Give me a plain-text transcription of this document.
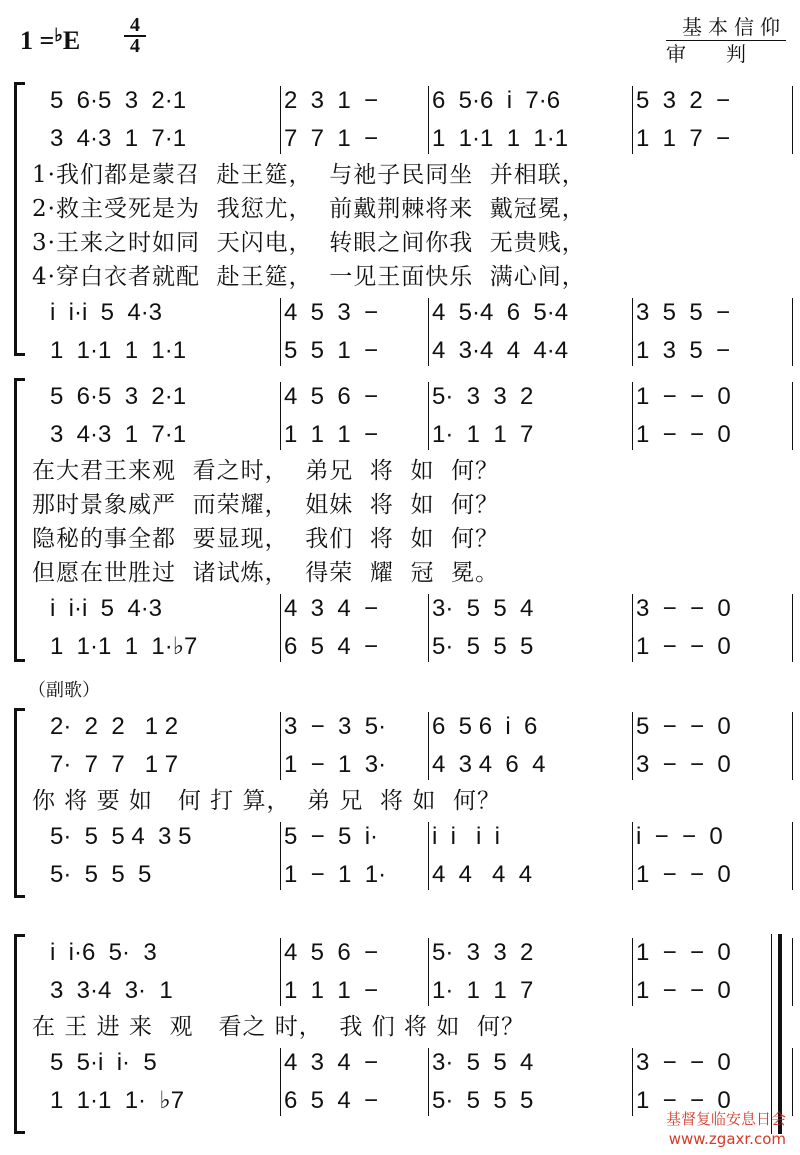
1 =♭E
4
4
基本信仰
审判
5  6·5  3  2·1	2  3  1  − 6  5·6  i  7·6	5  3  2  −
3  4·3  1  7·1	7  7  1  − 1  1·1  1  1·1	1  1  7  −
1·我们都是蒙召  赴王筵，  与祂子民同坐  并相联，
2·救主受死是为  我愆尤，  前戴荆棘将来  戴冠冕，
3·王来之时如同  天闪电，  转眼之间你我  无贵贱，
4·穿白衣者就配  赴王筵，  一见王面快乐  满心间，
i  i·i  5  4·3	4  5  3  − 4  5·4  6  5·4	3  5  5  −
1  1·1  1  1·1	5  5  1  − 4  3·4  4  4·4	1  3  5  −
5  6·5  3  2·1	4  5  6  − 5·  3  3  2	1  −  −  0
3  4·3  1  7·1	1  1  1  − 1·  1  1  7	1  −  −  0
在大君王来观  看之时，  弟兄  将  如  何？
那时景象威严  而荣耀，  姐妹  将  如  何？
隐秘的事全都  要显现，  我们  将  如  何？
但愿在世胜过  诸试炼，  得荣  耀  冠  冕。
i  i·i  5  4·3	4  3  4  − 3·  5  5  4	3  −  −  0
1  1·1  1  1·♭7	6  5  4  − 5·  5  5  5	1  −  −  0
（副歌）
2·  2  2   1 2	3  −  3  5· 6  5 6  i  6	5  −  −  0
7·  7  7   1 7	1  −  1  3· 4  3 4  6  4	3  −  −  0
你 将 要 如   何 打 算，  弟 兄  将 如  何？
5·  5  5 4  3 5	5  −  5  i· i  i   i  i	i  −  −  0
5·  5  5  5	1  −  1  1· 4  4   4  4	1  −  −  0
i  i·6  5·  3	4  5  6  − 5·  3  3  2	1  −  −  0
3  3·4  3·  1	1  1  1  − 1·  1  1  7	1  −  −  0
在 王 进 来  观   看之 时，  我 们 将 如  何？
5  5·i  i·  5	4  3  4  − 3·  5  5  4	3  −  −  0
1  1·1  1·  ♭7	6  5  4  − 5·  5  5  5	1  −  −  0
基督复临安息日会
www.zgaxr.com
